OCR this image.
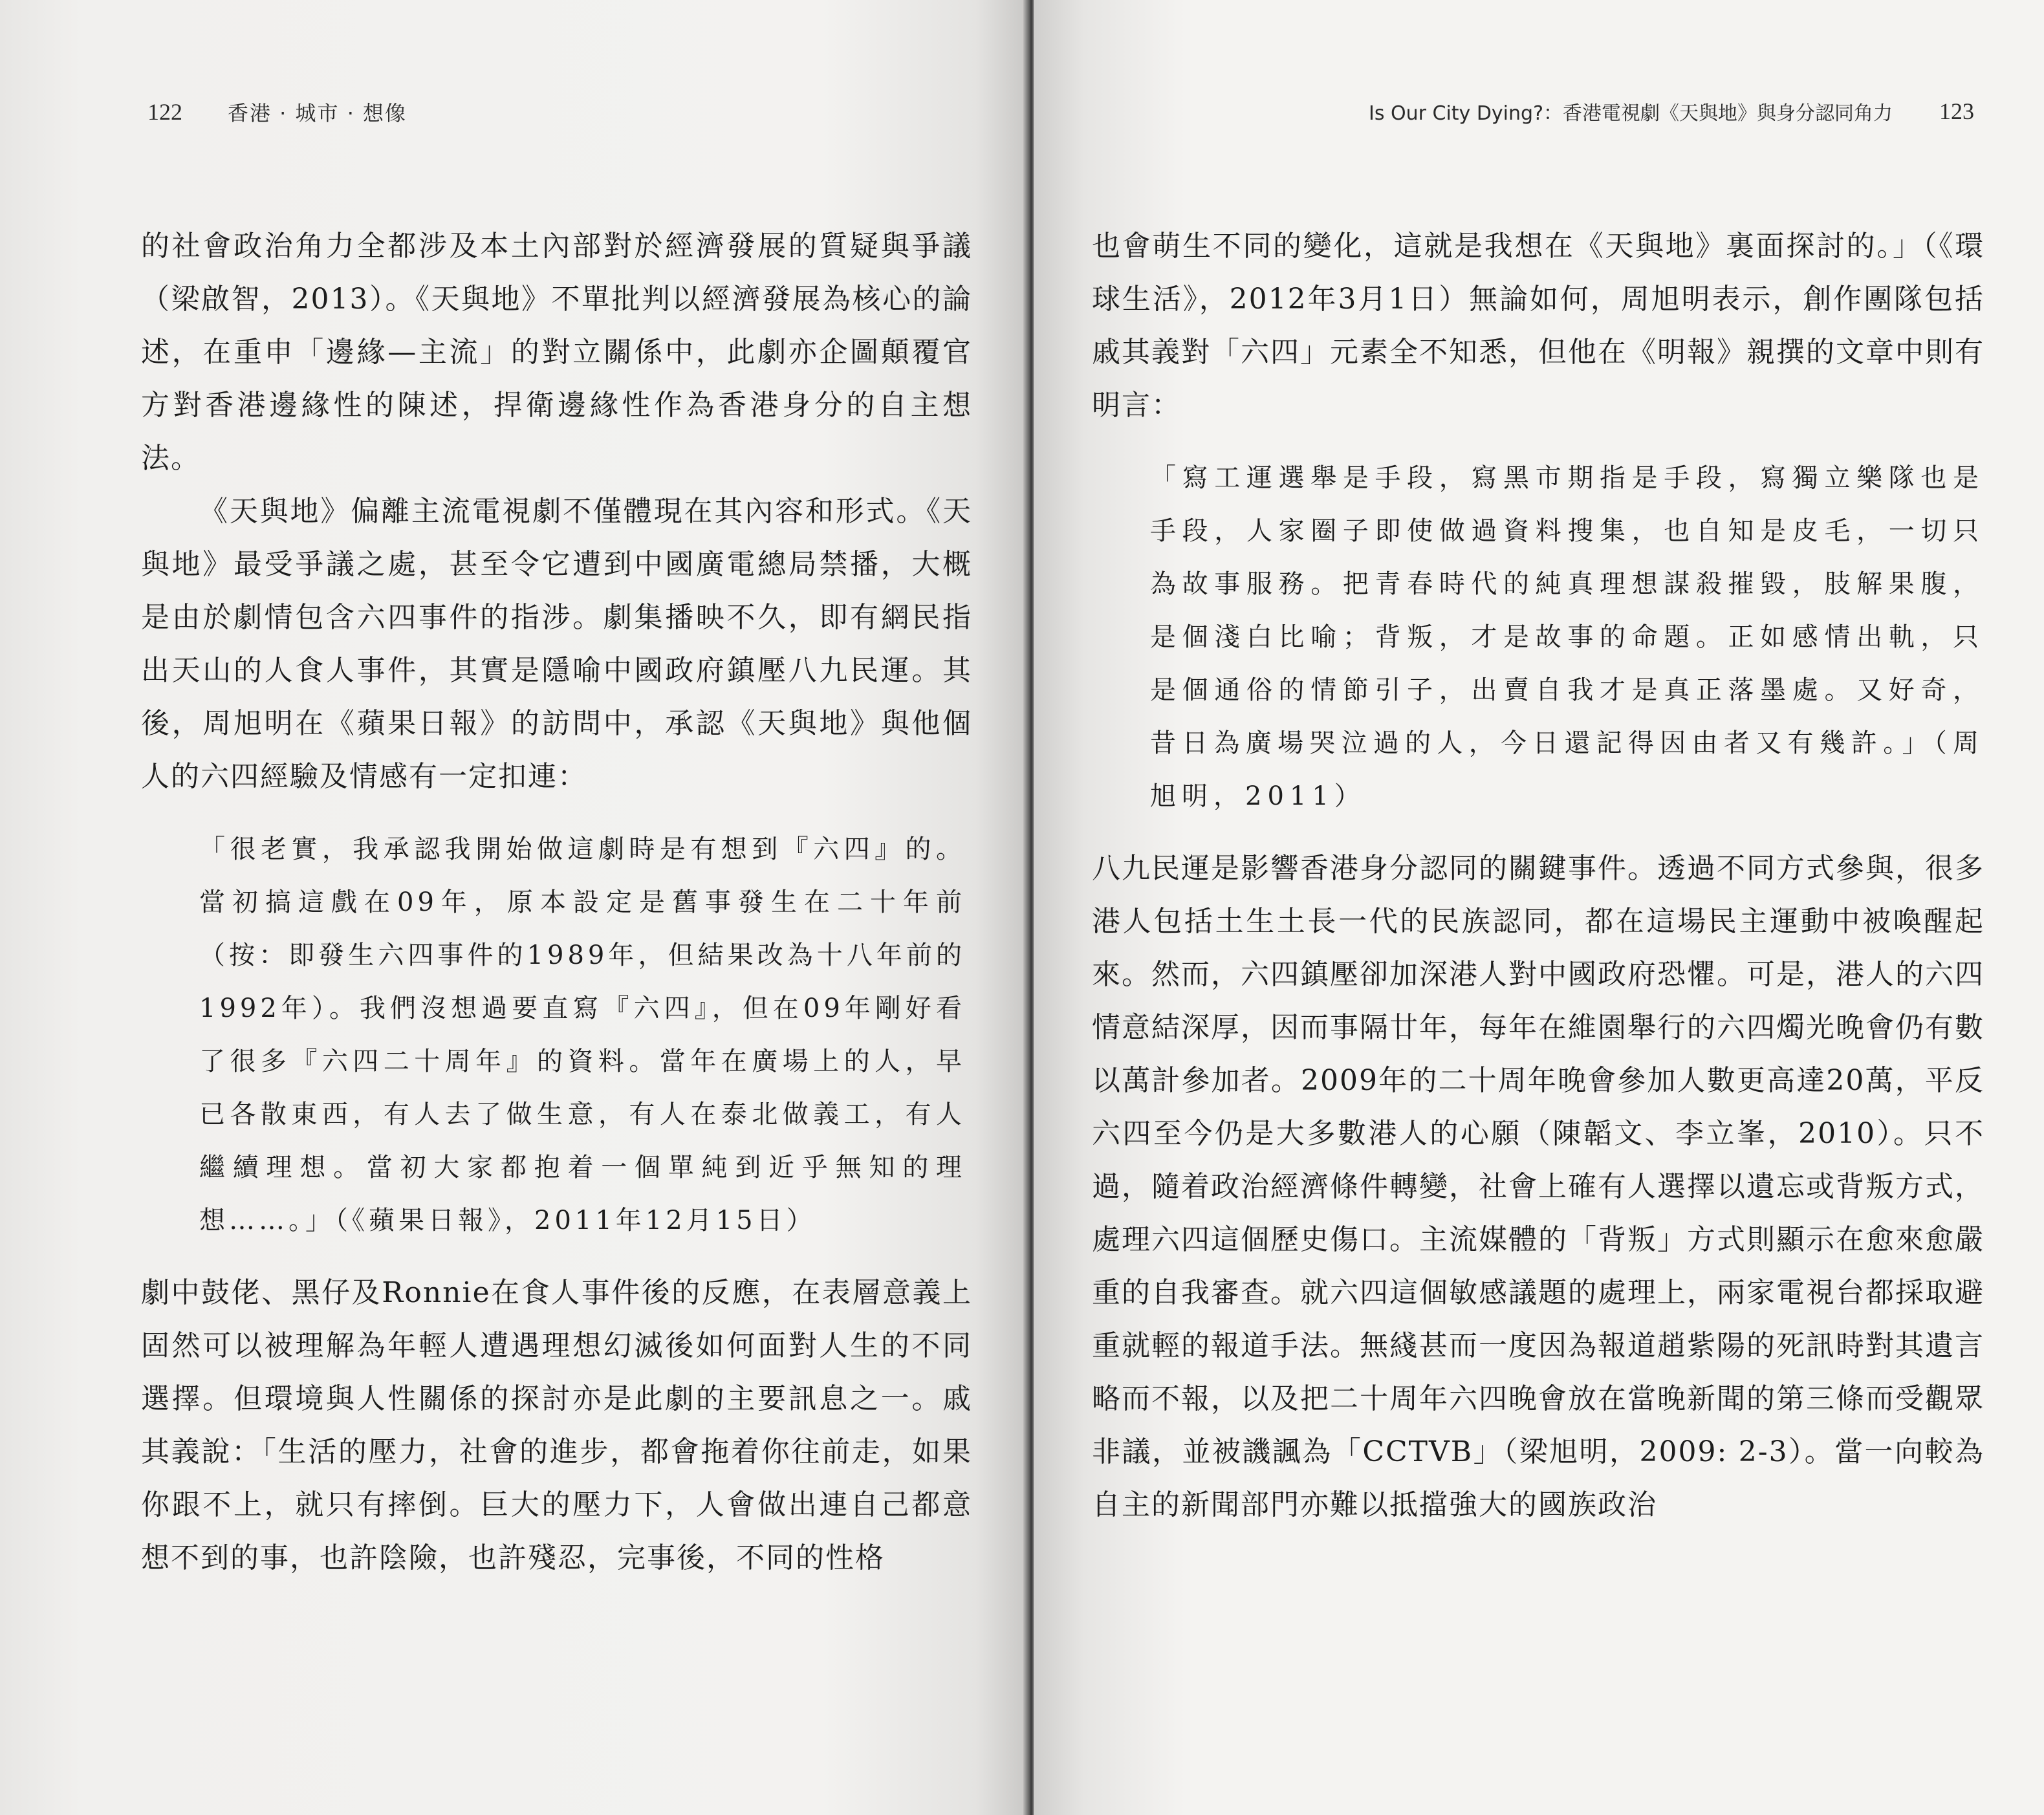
122 香港 · 城市 · 想像

的社會政治角力全都涉及本土內部對於經濟發展的質疑與爭議（梁啟智，2013）。《天與地》不單批判以經濟發展為核心的論述，在重申「邊緣—主流」的對立關係中，此劇亦企圖顛覆官方對香港邊緣性的陳述，捍衛邊緣性作為香港身分的自主想法。

《天與地》偏離主流電視劇不僅體現在其內容和形式。《天與地》最受爭議之處，甚至令它遭到中國廣電總局禁播，大概是由於劇情包含六四事件的指涉。劇集播映不久，即有網民指出天山的人食人事件，其實是隱喻中國政府鎮壓八九民運。其後，周旭明在《蘋果日報》的訪問中，承認《天與地》與他個人的六四經驗及情感有一定扣連：

「很老實，我承認我開始做這劇時是有想到『六四』的。當初搞這戲在09年，原本設定是舊事發生在二十年前（按：即發生六四事件的1989年，但結果改為十八年前的1992年）。我們沒想過要直寫『六四』，但在09年剛好看了很多『六四二十周年』的資料。當年在廣場上的人，早已各散東西，有人去了做生意，有人在泰北做義工，有人繼續理想。當初大家都抱着一個單純到近乎無知的理想……。」（《蘋果日報》，2011年12月15日）

劇中鼓佬、黑仔及Ronnie在食人事件後的反應，在表層意義上固然可以被理解為年輕人遭遇理想幻滅後如何面對人生的不同選擇。但環境與人性關係的探討亦是此劇的主要訊息之一。戚其義說：「生活的壓力，社會的進步，都會拖着你往前走，如果你跟不上，就只有摔倒。巨大的壓力下，人會做出連自己都意想不到的事，也許陰險，也許殘忍，完事後，不同的性格

Is Our City Dying?：香港電視劇《天與地》與身分認同角力 123

也會萌生不同的變化，這就是我想在《天與地》裏面探討的。」（《環球生活》，2012年3月1日）無論如何，周旭明表示，創作團隊包括戚其義對「六四」元素全不知悉，但他在《明報》親撰的文章中則有明言：

「寫工運選舉是手段，寫黑市期指是手段，寫獨立樂隊也是手段，人家圈子即使做過資料搜集，也自知是皮毛，一切只為故事服務。把青春時代的純真理想謀殺摧毀，肢解果腹，是個淺白比喻；背叛，才是故事的命題。正如感情出軌，只是個通俗的情節引子，出賣自我才是真正落墨處。又好奇，昔日為廣場哭泣過的人，今日還記得因由者又有幾許。」（周旭明，2011）

八九民運是影響香港身分認同的關鍵事件。透過不同方式參與，很多港人包括土生土長一代的民族認同，都在這場民主運動中被喚醒起來。然而，六四鎮壓卻加深港人對中國政府恐懼。可是，港人的六四情意結深厚，因而事隔廿年，每年在維園舉行的六四燭光晚會仍有數以萬計參加者。2009年的二十周年晚會參加人數更高達20萬，平反六四至今仍是大多數港人的心願（陳韜文、李立峯，2010）。只不過，隨着政治經濟條件轉變，社會上確有人選擇以遺忘或背叛方式，處理六四這個歷史傷口。主流媒體的「背叛」方式則顯示在愈來愈嚴重的自我審查。就六四這個敏感議題的處理上，兩家電視台都採取避重就輕的報道手法。無綫甚而一度因為報道趙紫陽的死訊時對其遺言略而不報，以及把二十周年六四晚會放在當晚新聞的第三條而受觀眾非議，並被譏諷為「CCTVB」（梁旭明，2009: 2-3）。當一向較為自主的新聞部門亦難以抵擋強大的國族政治
